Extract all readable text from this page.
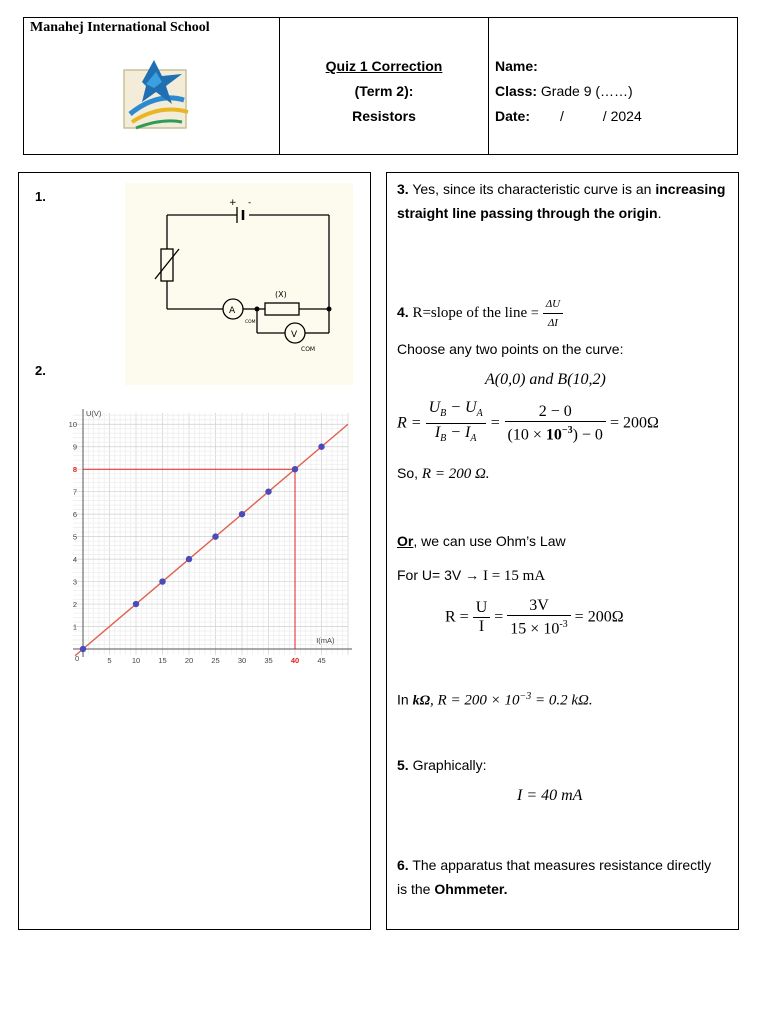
Manahej International School
Quiz 1 Correction
(Term 2):
Resistors
Name:
Class: Grade 9 (……)
Date: /          / 2024
1.	+ -
(X)
A
V
COM
COM
2.
5	10 15 20 25 30 35 40 45
1
2
3
4
5
6
7
8
9
10
0
I(mA)
U(V)
3. Yes, since its characteristic curve is an increasing straight line passing through the origin.
4. R=slope of the line = $\frac{\Delta U}{\Delta I}$
Choose any two points on the curve:
A(0,0) and B(10,2)
$R = \frac{U_B - U_A}{I_B - I_A} = \frac{2 - 0}{(10 \times 10^{-3}) - 0} = 200\Omega$
So, R = 200 Ω.
Or, we can use Ohm’s Law
For U= 3V → I = 15 mA
$R = \frac{U}{I} = \frac{3V}{15 \times 10^{-3}} = 200\Omega$
In kΩ, $R = 200 \times 10^{-3} = 0.2$ kΩ.
5. Graphically:
I = 40 mA
6. The apparatus that measures resistance directly is the Ohmmeter.
